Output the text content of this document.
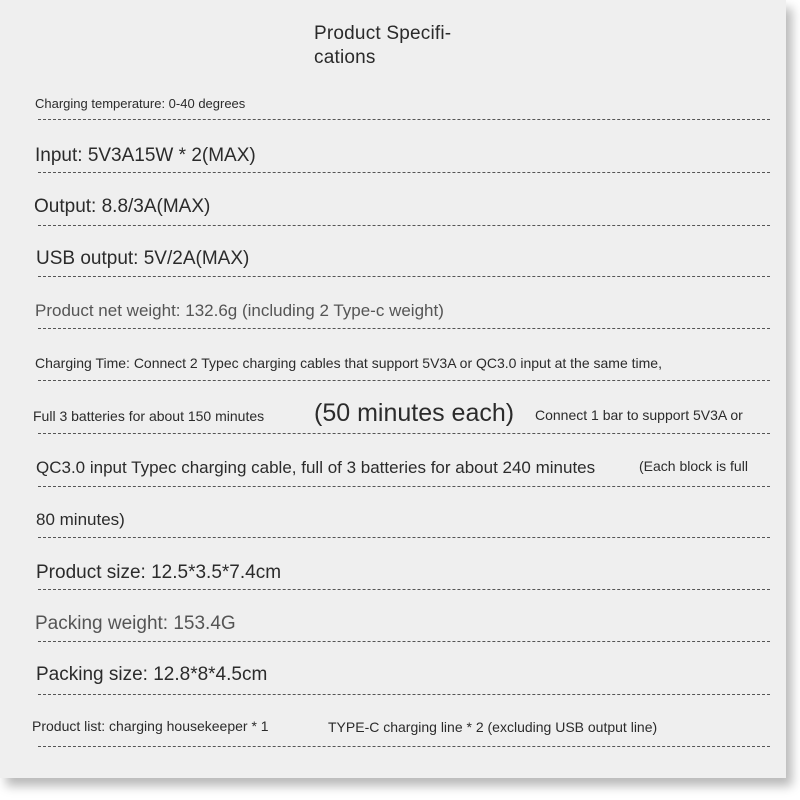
Product Specifi-
cations
Charging temperature: 0-40 degrees
Input: 5V3A15W * 2(MAX)
Output: 8.8/3A(MAX)
USB output: 5V/2A(MAX)
Product net weight: 132.6g (including 2 Type-c weight)
Charging Time: Connect 2 Typec charging cables that support 5V3A or QC3.0 input at the same time,
Full 3 batteries for about 150 minutes (50 minutes each) Connect 1 bar to support 5V3A or
QC3.0 input Typec charging cable, full of 3 batteries for about 240 minutes	(Each block is full
80 minutes)
Product size: 12.5*3.5*7.4cm
Packing weight: 153.4G
Packing size: 12.8*8*4.5cm
Product list: charging housekeeper * 1	TYPE-C charging line * 2 (excluding USB output line)
